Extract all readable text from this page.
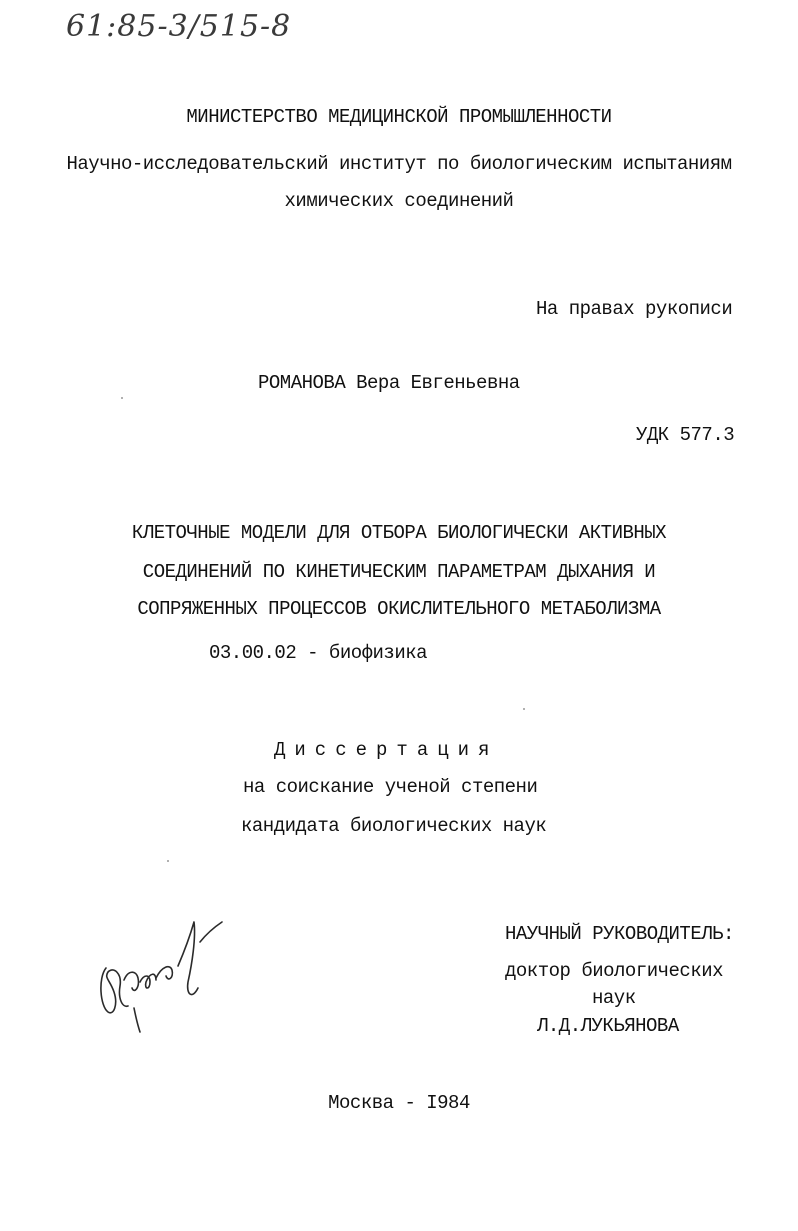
61:85-3/515-8
МИНИСТЕРСТВО МЕДИЦИНСКОЙ ПРОМЫШЛЕННОСТИ
Научно-исследовательский институт по биологическим испытаниям
химических соединений
На правах рукописи
РОМАНОВА Вера Евгеньевна
УДК 577.3
КЛЕТОЧНЫЕ МОДЕЛИ ДЛЯ ОТБОРА БИОЛОГИЧЕСКИ АКТИВНЫХ
СОЕДИНЕНИЙ ПО КИНЕТИЧЕСКИМ ПАРАМЕТРАМ ДЫХАНИЯ И
СОПРЯЖЕННЫХ ПРОЦЕССОВ ОКИСЛИТЕЛЬНОГО МЕТАБОЛИЗМА
03.00.02 - биофизика
Диссертация
на соискание ученой степени
кандидата биологических наук
НАУЧНЫЙ РУКОВОДИТЕЛЬ:
доктор биологических
наук
Л.Д.ЛУКЬЯНОВА
Москва - I984
